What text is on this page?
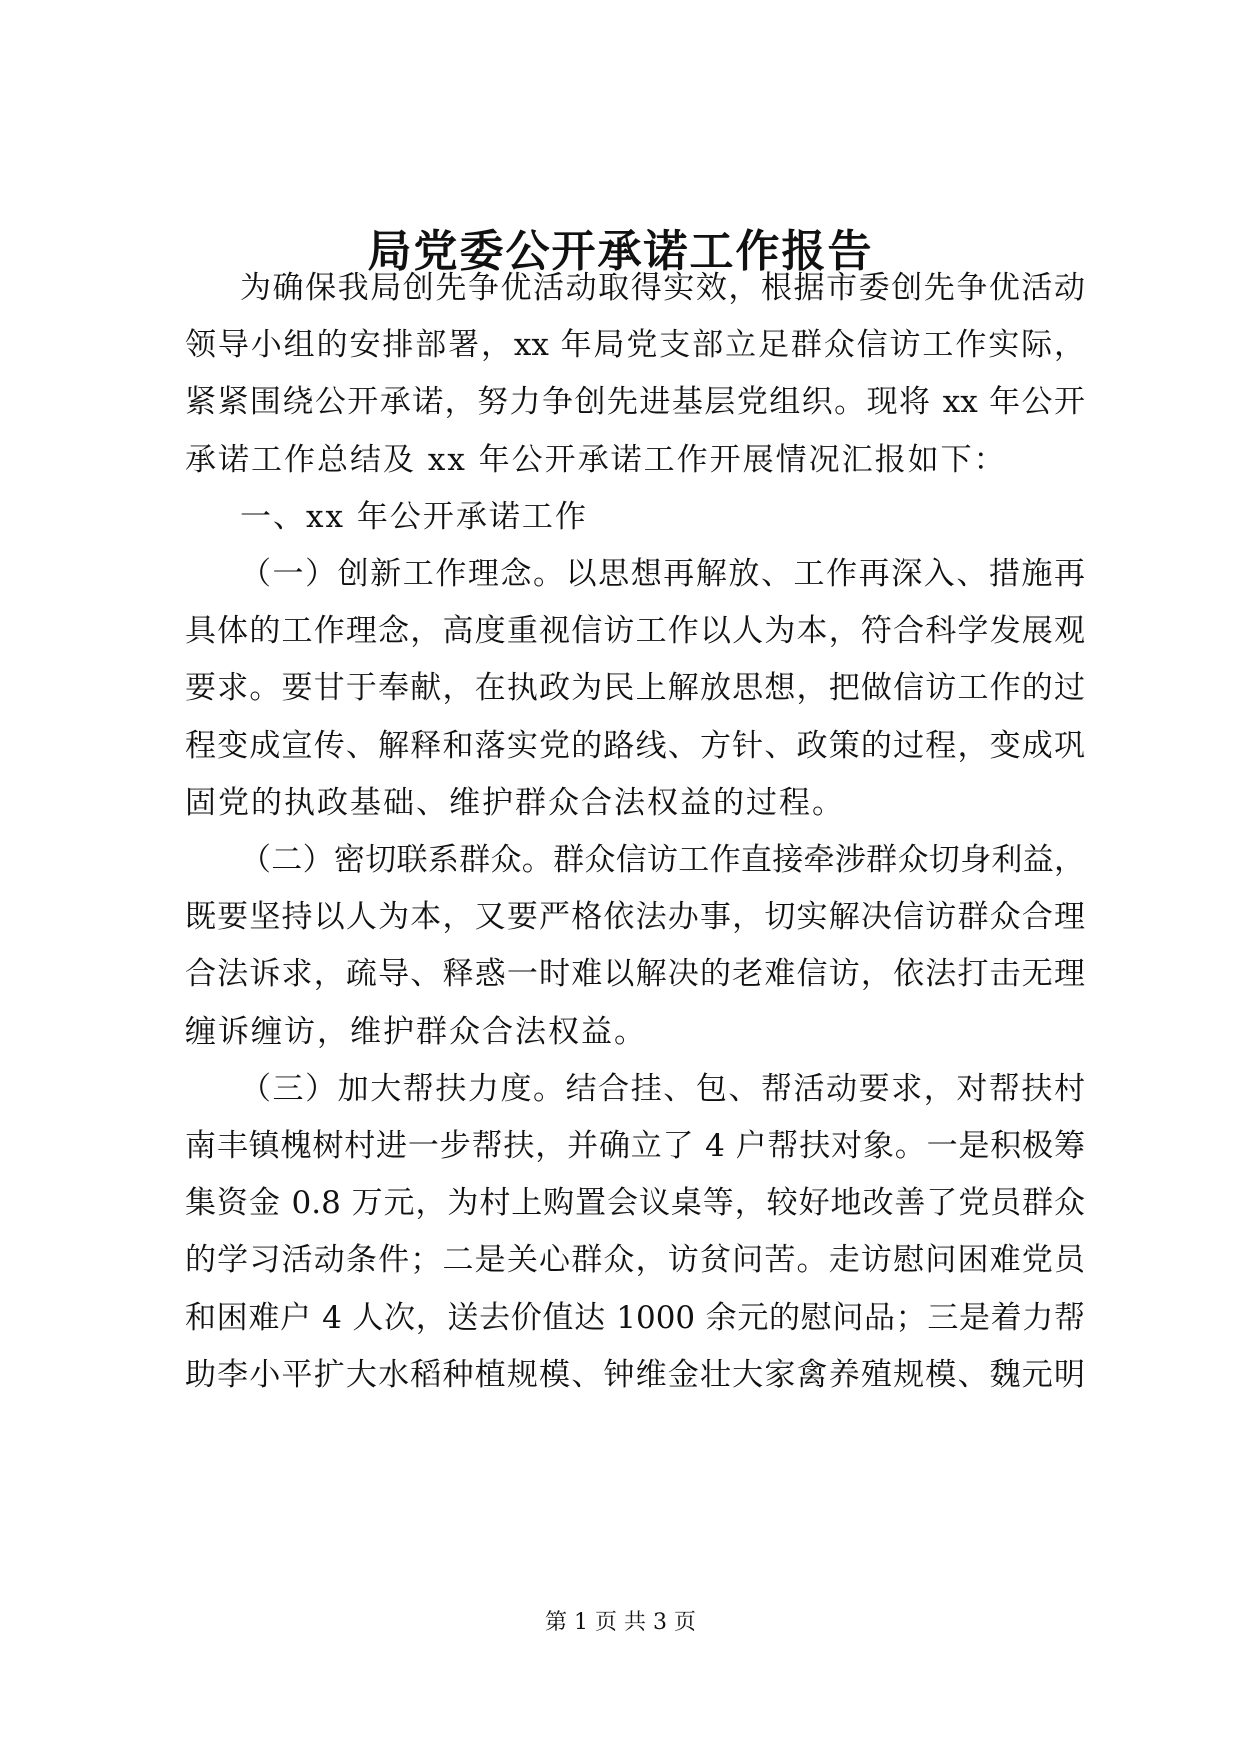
局党委公开承诺工作报告

为确保我局创先争优活动取得实效，根据市委创先争优活动

领导小组的安排部署，xx 年局党支部立足群众信访工作实际，

紧紧围绕公开承诺，努力争创先进基层党组织。现将 xx 年公开

承诺工作总结及 xx 年公开承诺工作开展情况汇报如下：

一、xx 年公开承诺工作

（一）创新工作理念。以思想再解放、工作再深入、措施再

具体的工作理念，高度重视信访工作以人为本，符合科学发展观

要求。要甘于奉献，在执政为民上解放思想，把做信访工作的过

程变成宣传、解释和落实党的路线、方针、政策的过程，变成巩

固党的执政基础、维护群众合法权益的过程。

（二）密切联系群众。群众信访工作直接牵涉群众切身利益，

既要坚持以人为本，又要严格依法办事，切实解决信访群众合理

合法诉求，疏导、释惑一时难以解决的老难信访，依法打击无理

缠诉缠访，维护群众合法权益。

（三）加大帮扶力度。结合挂、包、帮活动要求，对帮扶村

南丰镇槐树村进一步帮扶，并确立了 4 户帮扶对象。一是积极筹

集资金 0.8 万元，为村上购置会议桌等，较好地改善了党员群众

的学习活动条件；二是关心群众，访贫问苦。走访慰问困难党员

和困难户 4 人次，送去价值达 1000 余元的慰问品；三是着力帮

助李小平扩大水稻种植规模、钟维金壮大家禽养殖规模、魏元明

第 1 页 共 3 页
